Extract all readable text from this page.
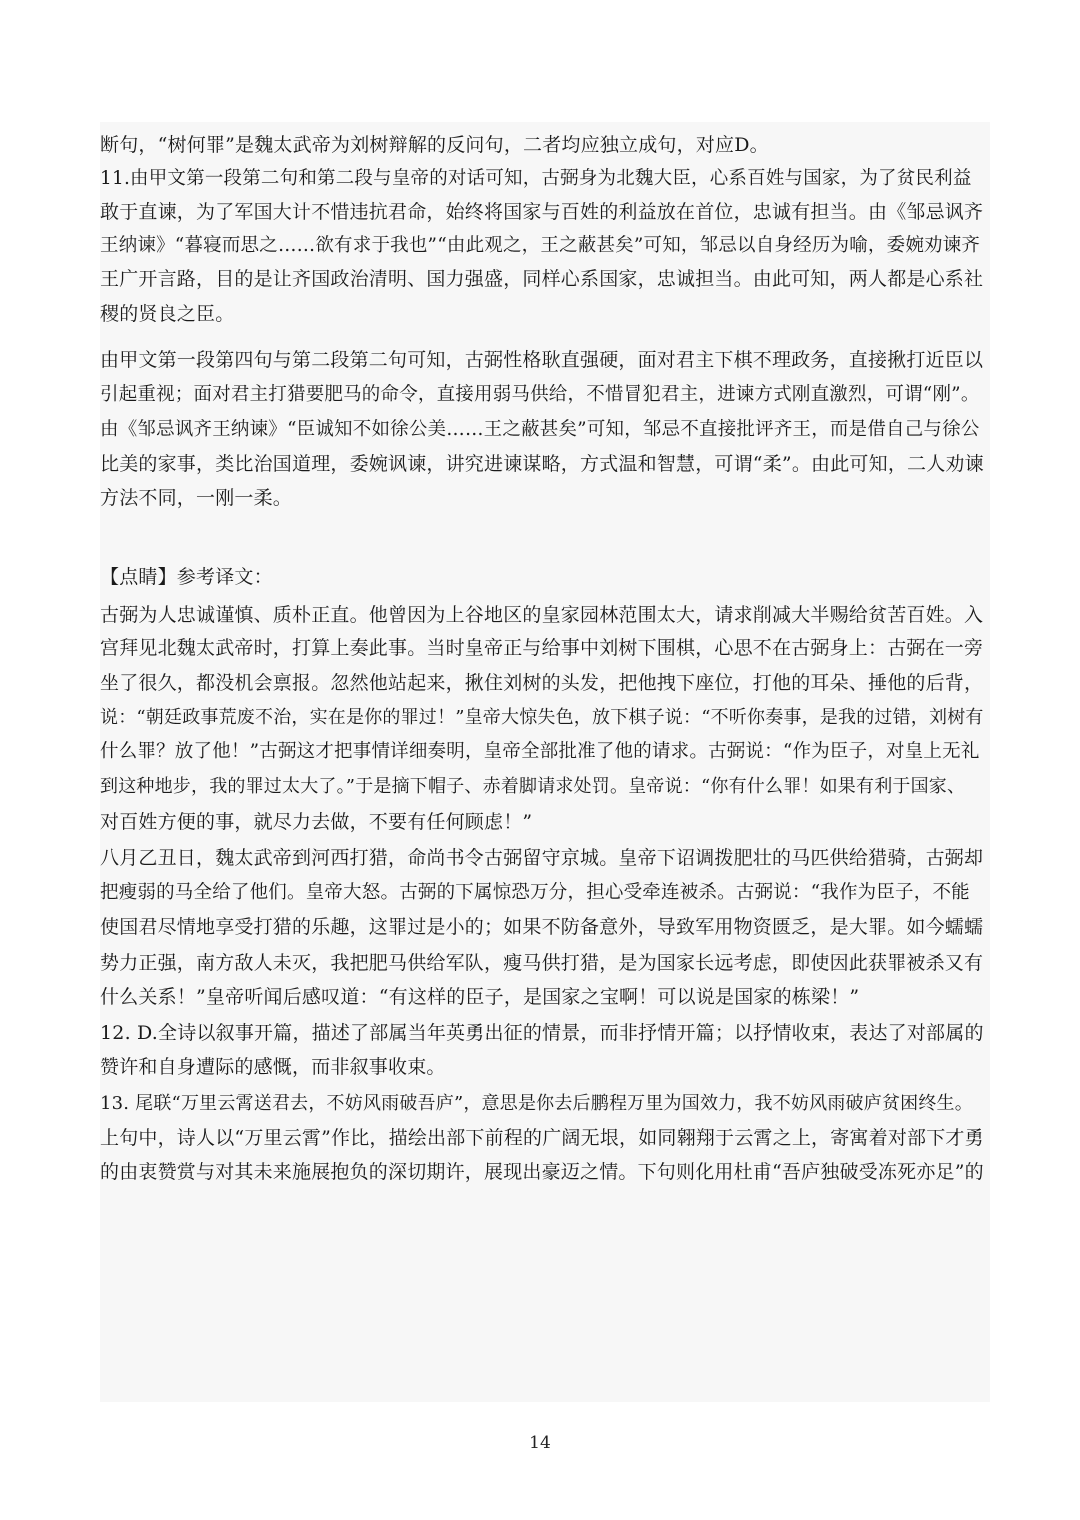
断句，“树何罪”是魏太武帝为刘树辩解的反问句，二者均应独立成句，对应D。
11.由甲文第一段第二句和第二段与皇帝的对话可知，古弼身为北魏大臣，心系百姓与国家，为了贫民利益
敢于直谏，为了军国大计不惜违抗君命，始终将国家与百姓的利益放在首位，忠诚有担当。由《邹忌讽齐
王纳谏》“暮寝而思之……欲有求于我也”“由此观之，王之蔽甚矣”可知，邹忌以自身经历为喻，委婉劝谏齐
王广开言路，目的是让齐国政治清明、国力强盛，同样心系国家，忠诚担当。由此可知，两人都是心系社
稷的贤良之臣。
由甲文第一段第四句与第二段第二句可知，古弼性格耿直强硬，面对君主下棋不理政务，直接揪打近臣以
引起重视；面对君主打猎要肥马的命令，直接用弱马供给，不惜冒犯君主，进谏方式刚直激烈，可谓“刚”。
由《邹忌讽齐王纳谏》“臣诚知不如徐公美……王之蔽甚矣”可知，邹忌不直接批评齐王，而是借自己与徐公
比美的家事，类比治国道理，委婉讽谏，讲究进谏谋略，方式温和智慧，可谓“柔”。由此可知，二人劝谏
方法不同，一刚一柔。
【点睛】参考译文：
古弼为人忠诚谨慎、质朴正直。他曾因为上谷地区的皇家园林范围太大，请求削减大半赐给贫苦百姓。入
宫拜见北魏太武帝时，打算上奏此事。当时皇帝正与给事中刘树下围棋，心思不在古弼身上：古弼在一旁
坐了很久，都没机会禀报。忽然他站起来，揪住刘树的头发，把他拽下座位，打他的耳朵、捶他的后背，
说：“朝廷政事荒废不治，实在是你的罪过！”皇帝大惊失色，放下棋子说：“不听你奏事，是我的过错，刘树有
什么罪？放了他！”古弼这才把事情详细奏明，皇帝全部批准了他的请求。古弼说：“作为臣子，对皇上无礼
到这种地步，我的罪过太大了。”于是摘下帽子、赤着脚请求处罚。皇帝说：“你有什么罪！如果有利于国家、
对百姓方便的事，就尽力去做，不要有任何顾虑！”
八月乙丑日，魏太武帝到河西打猎，命尚书令古弼留守京城。皇帝下诏调拨肥壮的马匹供给猎骑，古弼却
把瘦弱的马全给了他们。皇帝大怒。古弼的下属惊恐万分，担心受牵连被杀。古弼说：“我作为臣子，不能
使国君尽情地享受打猎的乐趣，这罪过是小的；如果不防备意外，导致军用物资匮乏，是大罪。如今蠕蠕
势力正强，南方敌人未灭，我把肥马供给军队，瘦马供打猎，是为国家长远考虑，即使因此获罪被杀又有
什么关系！”皇帝听闻后感叹道：“有这样的臣子，是国家之宝啊！可以说是国家的栋梁！”
12. D.全诗以叙事开篇，描述了部属当年英勇出征的情景，而非抒情开篇；以抒情收束，表达了对部属的
赞许和自身遭际的感慨，而非叙事收束。
13. 尾联“万里云霄送君去，不妨风雨破吾庐”，意思是你去后鹏程万里为国效力，我不妨风雨破庐贫困终生。
上句中，诗人以“万里云霄”作比，描绘出部下前程的广阔无垠，如同翱翔于云霄之上，寄寓着对部下才勇
的由衷赞赏与对其未来施展抱负的深切期许，展现出豪迈之情。下句则化用杜甫“吾庐独破受冻死亦足”的
14
